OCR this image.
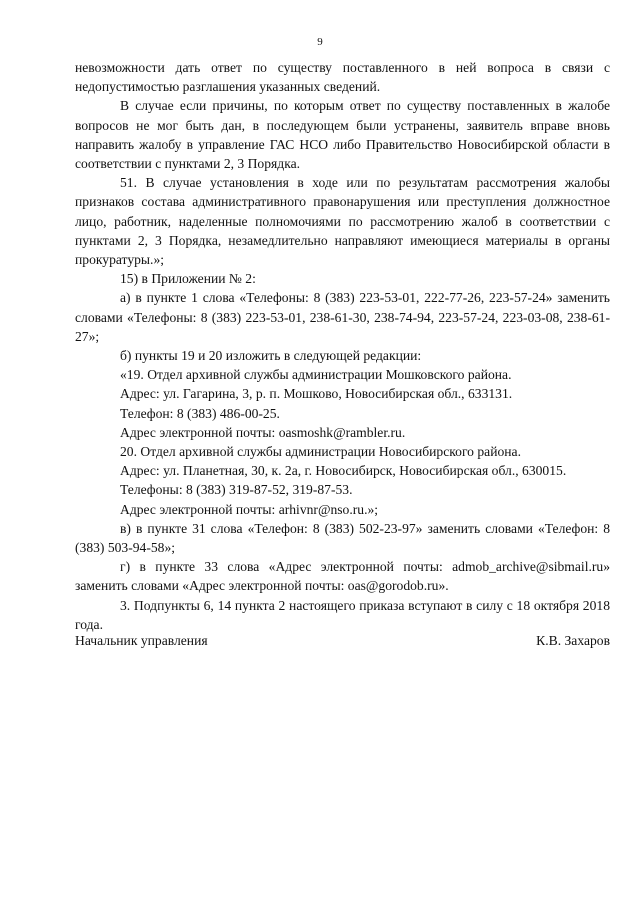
9

невозможности дать ответ по существу поставленного в ней вопроса в связи с недопустимостью разглашения указанных сведений.

В случае если причины, по которым ответ по существу поставленных в жалобе вопросов не мог быть дан, в последующем были устранены, заявитель вправе вновь направить жалобу в управление ГАС НСО либо Правительство Новосибирской области в соответствии с пунктами 2, 3 Порядка.

51. В случае установления в ходе или по результатам рассмотрения жалобы признаков состава административного правонарушения или преступления должностное лицо, работник, наделенные полномочиями по рассмотрению жалоб в соответствии с пунктами 2, 3 Порядка, незамедлительно направляют имеющиеся материалы в органы прокуратуры.»;

15) в Приложении № 2:

а) в пункте 1 слова «Телефоны: 8 (383) 223-53-01, 222-77-26, 223-57-24» заменить словами «Телефоны: 8 (383) 223-53-01, 238-61-30, 238-74-94, 223-57-24, 223-03-08, 238-61-27»;

б) пункты 19 и 20 изложить в следующей редакции:

«19. Отдел архивной службы администрации Мошковского района.

Адрес: ул. Гагарина, 3, р. п. Мошково, Новосибирская обл., 633131.

Телефон: 8 (383) 486-00-25.

Адрес электронной почты: oasmoshk@rambler.ru.

20. Отдел архивной службы администрации Новосибирского района.

Адрес: ул. Планетная, 30, к. 2а, г. Новосибирск, Новосибирская обл., 630015.

Телефоны: 8 (383) 319-87-52, 319-87-53.

Адрес электронной почты: arhivnr@nso.ru.»;

в) в пункте 31 слова «Телефон: 8 (383) 502-23-97» заменить словами «Телефон: 8 (383) 503-94-58»;

г) в пункте 33 слова «Адрес электронной почты: admob_archive@sibmail.ru» заменить словами «Адрес электронной почты: oas@gorodob.ru».

3. Подпункты 6, 14 пункта 2 настоящего приказа вступают в силу с 18 октября 2018 года.

Начальник управления	К.В. Захаров
